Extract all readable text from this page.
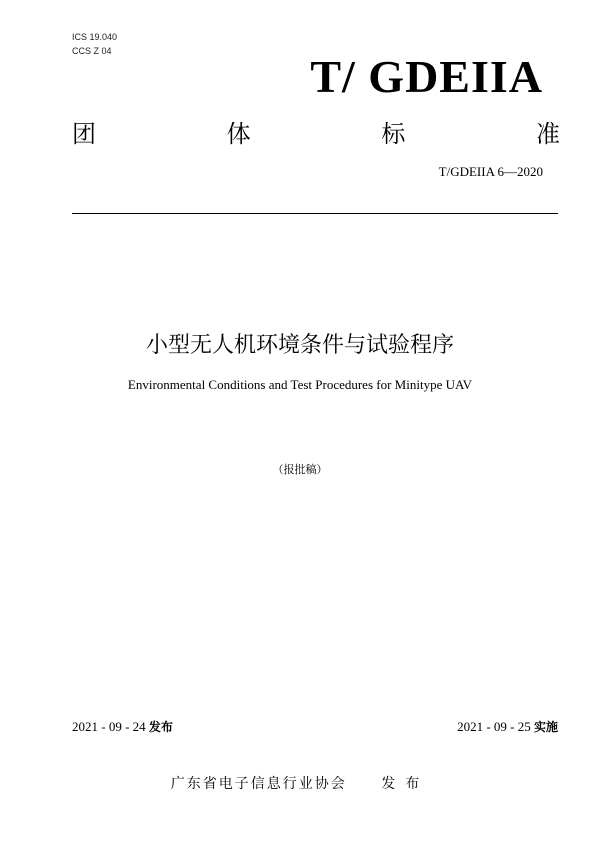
ICS 19.040
CCS Z 04	T/ GDEIIA
团	体	标	准
T/GDEIIA 6—2020
小型无人机环境条件与试验程序
Environmental Conditions and Test Procedures for Minitype UAV
（报批稿）
2021 - 09 - 24 发布	2021 - 09 - 25 实施
广东省电子信息行业协会 发布
